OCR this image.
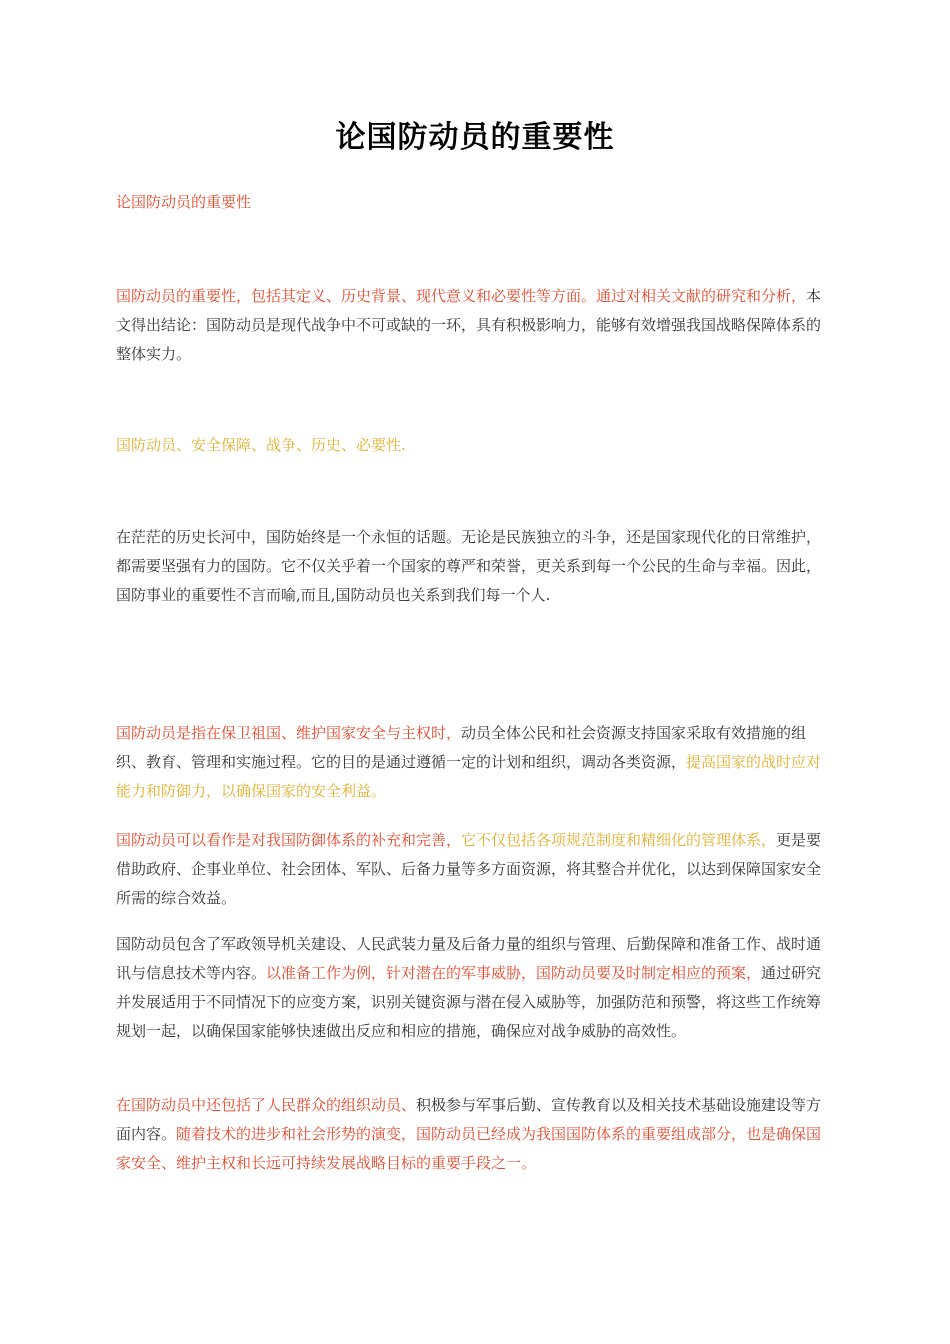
论国防动员的重要性

论国防动员的重要性

国防动员的重要性，包括其定义、历史背景、现代意义和必要性等方面。通过对相关文献的研究和分析，本文得出结论：国防动员是现代战争中不可或缺的一环，具有积极影响力，能够有效增强我国战略保障体系的整体实力。

国防动员、安全保障、战争、历史、必要性.

在茫茫的历史长河中，国防始终是一个永恒的话题。无论是民族独立的斗争，还是国家现代化的日常维护，都需要坚强有力的国防。它不仅关乎着一个国家的尊严和荣誉，更关系到每一个公民的生命与幸福。因此，国防事业的重要性不言而喻,而且,国防动员也关系到我们每一个人.

国防动员是指在保卫祖国、维护国家安全与主权时，动员全体公民和社会资源支持国家采取有效措施的组织、教育、管理和实施过程。它的目的是通过遵循一定的计划和组织，调动各类资源，提高国家的战时应对能力和防御力，以确保国家的安全利益。

国防动员可以看作是对我国防御体系的补充和完善，它不仅包括各项规范制度和精细化的管理体系，更是要借助政府、企事业单位、社会团体、军队、后备力量等多方面资源，将其整合并优化，以达到保障国家安全所需的综合效益。

国防动员包含了军政领导机关建设、人民武装力量及后备力量的组织与管理、后勤保障和准备工作、战时通讯与信息技术等内容。以准备工作为例，针对潜在的军事威胁，国防动员要及时制定相应的预案，通过研究并发展适用于不同情况下的应变方案，识别关键资源与潜在侵入威胁等，加强防范和预警，将这些工作统筹规划一起，以确保国家能够快速做出反应和相应的措施，确保应对战争威胁的高效性。

在国防动员中还包括了人民群众的组织动员、积极参与军事后勤、宣传教育以及相关技术基础设施建设等方面内容。随着技术的进步和社会形势的演变，国防动员已经成为我国国防体系的重要组成部分，也是确保国家安全、维护主权和长远可持续发展战略目标的重要手段之一。
